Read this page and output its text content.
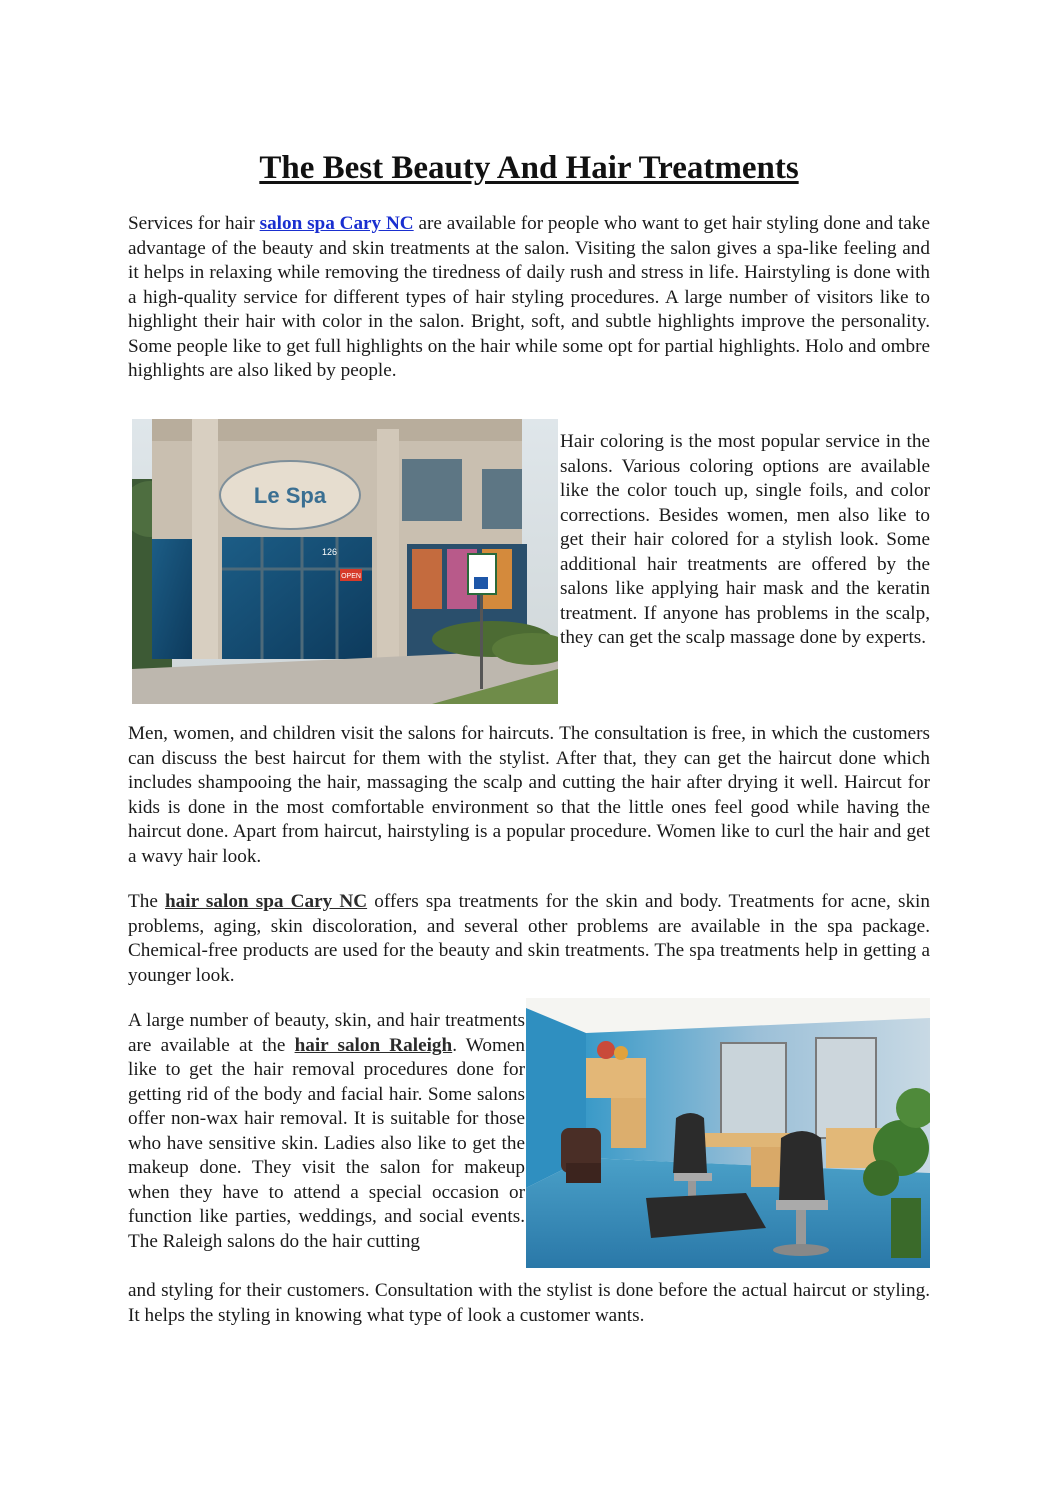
The Best Beauty And Hair Treatments

Services for hair salon spa Cary NC are available for people who want to get hair styling done and take advantage of the beauty and skin treatments at the salon. Visiting the salon gives a spa-like feeling and it helps in relaxing while removing the tiredness of daily rush and stress in life. Hairstyling is done with a high-quality service for different types of hair styling procedures. A large number of visitors like to highlight their hair with color in the salon. Bright, soft, and subtle highlights improve the personality. Some people like to get full highlights on the hair while some opt for partial highlights. Holo and ombre highlights are also liked by people.

Le Spa
126
OPEN

Hair coloring is the most popular service in the salons. Various coloring options are available like the color touch up, single foils, and color corrections. Besides women, men also like to get their hair colored for a stylish look. Some additional hair treatments are offered by the salons like applying hair mask and the keratin treatment. If anyone has problems in the scalp, they can get the scalp massage done by experts.

Men, women, and children visit the salons for haircuts. The consultation is free, in which the customers can discuss the best haircut for them with the stylist. After that, they can get the haircut done which includes shampooing the hair, massaging the scalp and cutting the hair after drying it well. Haircut for kids is done in the most comfortable environment so that the little ones feel good while having the haircut done. Apart from haircut, hairstyling is a popular procedure. Women like to curl the hair and get a wavy hair look.

The hair salon spa Cary NC offers spa treatments for the skin and body. Treatments for acne, skin problems, aging, skin discoloration, and several other problems are available in the spa package. Chemical-free products are used for the beauty and skin treatments. The spa treatments help in getting a younger look.

A large number of beauty, skin, and hair treatments are available at the hair salon Raleigh. Women like to get the hair removal procedures done for getting rid of the body and facial hair. Some salons offer non-wax hair removal. It is suitable for those who have sensitive skin. Ladies also like to get the makeup done. They visit the salon for makeup when they have to attend a special occasion or function like parties, weddings, and social events. The Raleigh salons do the hair cutting

and styling for their customers. Consultation with the stylist is done before the actual haircut or styling. It helps the styling in knowing what type of look a customer wants.
